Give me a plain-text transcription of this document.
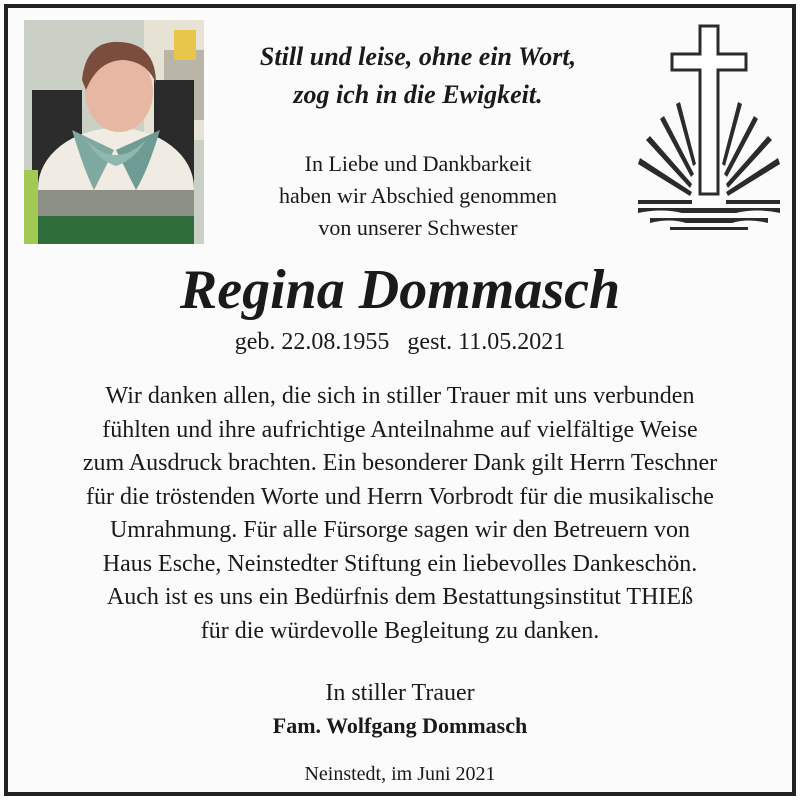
Still und leise, ohne ein Wort,
zog ich in die Ewigkeit.
In Liebe und Dankbarkeit
haben wir Abschied genommen
von unserer Schwester
Regina Dommasch
geb. 22.08.1955   gest. 11.05.2021
Wir danken allen, die sich in stiller Trauer mit uns verbunden
fühlten und ihre aufrichtige Anteilnahme auf vielfältige Weise
zum Ausdruck brachten. Ein besonderer Dank gilt Herrn Teschner
für die tröstenden Worte und Herrn Vorbrodt für die musikalische
Umrahmung. Für alle Fürsorge sagen wir den Betreuern von
Haus Esche, Neinstedter Stiftung ein liebevolles Dankeschön.
Auch ist es uns ein Bedürfnis dem Bestattungsinstitut THIEß
für die würdevolle Begleitung zu danken.
In stiller Trauer
Fam. Wolfgang Dommasch
Neinstedt, im Juni 2021
